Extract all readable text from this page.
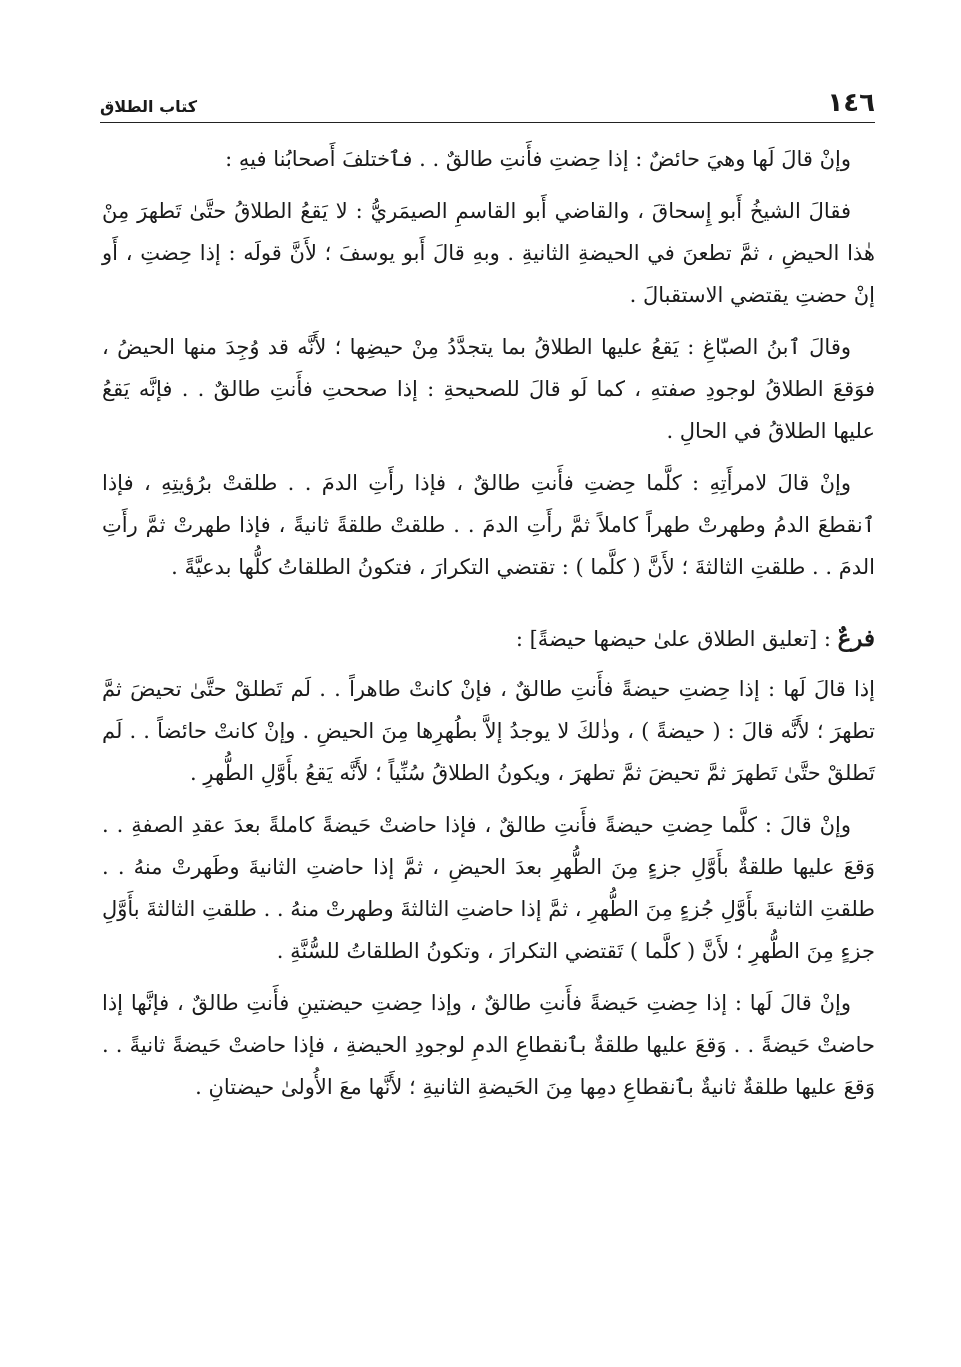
١٤٦
كتاب الطلاق

وإنْ قالَ لَها وهيَ حائضٌ : إذا حِضتِ فأَنتِ طالقٌ . . فٱختلفَ أَصحابُنا فيهِ :

فقالَ الشيخُ أَبو إِسحاقَ ، والقاضي أَبو القاسمِ الصيمَريُّ : لا يَقعُ الطلاقُ حتَّىٰ تَطهرَ مِنْ هٰذا الحيضِ ، ثمَّ تطعنَ في الحيضةِ الثانيةِ . وبهِ قالَ أَبو يوسفَ ؛ لأَنَّ قولَه : إذا حِضتِ ، أَو إنْ حضتِ يقتضي الاستقبالَ .

وقالَ ٱبنُ الصبّاغِ : يَقعُ عليها الطلاقُ بما يتجدَّدُ مِنْ حيضِها ؛ لأَنَّه قد وُجِدَ منها الحيضُ ، فوَقعَ الطلاقُ لوجودِ صفتهِ ، كما لَو قالَ للصحيحةِ : إذا صححتِ فأَنتِ طالقٌ . . فإنَّه يَقعُ عليها الطلاقُ في الحالِ .

وإنْ قالَ لامرأَتِهِ : كلَّما حِضتِ فأَنتِ طالقٌ ، فإذا رأَتِ الدمَ . . طلقتْ برُؤيتِهِ ، فإذا ٱنقطعَ الدمُ وطهرتْ طهراً كاملاً ثمَّ رأَتِ الدمَ . . طلقتْ طلقةً ثانيةً ، فإذا طهرتْ ثمَّ رأَتِ الدمَ . . طلقتِ الثالثةَ ؛ لأَنَّ ( كلَّما ) : تقتضي التكرارَ ، فتكونُ الطلقاتُ كلُّها بدعيَّةً .

فرعٌ : [تعليق الطلاق علىٰ حيضها حيضةً] :

إذا قالَ لَها : إذا حِضتِ حيضةً فأَنتِ طالقٌ ، فإنْ كانتْ طاهراً . . لَم تَطلقْ حتَّىٰ تحيضَ ثمَّ تطهرَ ؛ لأَنَّه قالَ : ( حيضةً ) ، وذٰلكَ لا يوجدُ إلاَّ بطُهرِها مِنَ الحيضِ . وإنْ كانتْ حائضاً . . لَم تَطلقْ حتَّىٰ تَطهرَ ثمَّ تحيضَ ثمَّ تطهرَ ، ويكونُ الطلاقُ سُنِّياً ؛ لأَنَّه يَقعُ بأَوَّلِ الطُّهرِ .

وإنْ قالَ : كلَّما حِضتِ حيضةً فأَنتِ طالقٌ ، فإذا حاضتْ حَيضةً كاملةً بعدَ عقدِ الصفةِ . . وَقعَ عليها طلقةٌ بأَوَّلِ جزءٍ مِنَ الطُّهرِ بعدَ الحيضِ ، ثمَّ إذا حاضتِ الثانيةَ وطَهرتْ منهُ . . طلقتِ الثانيةَ بأَوَّلِ جُزءٍ مِنَ الطُّهرِ ، ثمَّ إذا حاضتِ الثالثةَ وطهرتْ منهُ . . طلقتِ الثالثةَ بأَوَّلِ جزءٍ مِنَ الطُّهرِ ؛ لأَنَّ ( كلَّما ) تَقتضي التكرارَ ، وتكونُ الطلقاتُ للسُّنَّةِ .

وإنْ قالَ لَها : إذا حِضتِ حَيضةً فأَنتِ طالقٌ ، وإذا حِضتِ حيضتينِ فأَنتِ طالقٌ ، فإنَّها إذا حاضتْ حَيضةً . . وَقعَ عليها طلقةٌ بٱنقطاعِ الدمِ لوجودِ الحيضةِ ، فإذا حاضتْ حَيضةً ثانيةً . . وَقعَ عليها طلقةٌ ثانيةٌ بٱنقطاعِ دمِها مِنَ الحَيضةِ الثانيةِ ؛ لأَنَّها معَ الأُولىٰ حيضتانِ .
